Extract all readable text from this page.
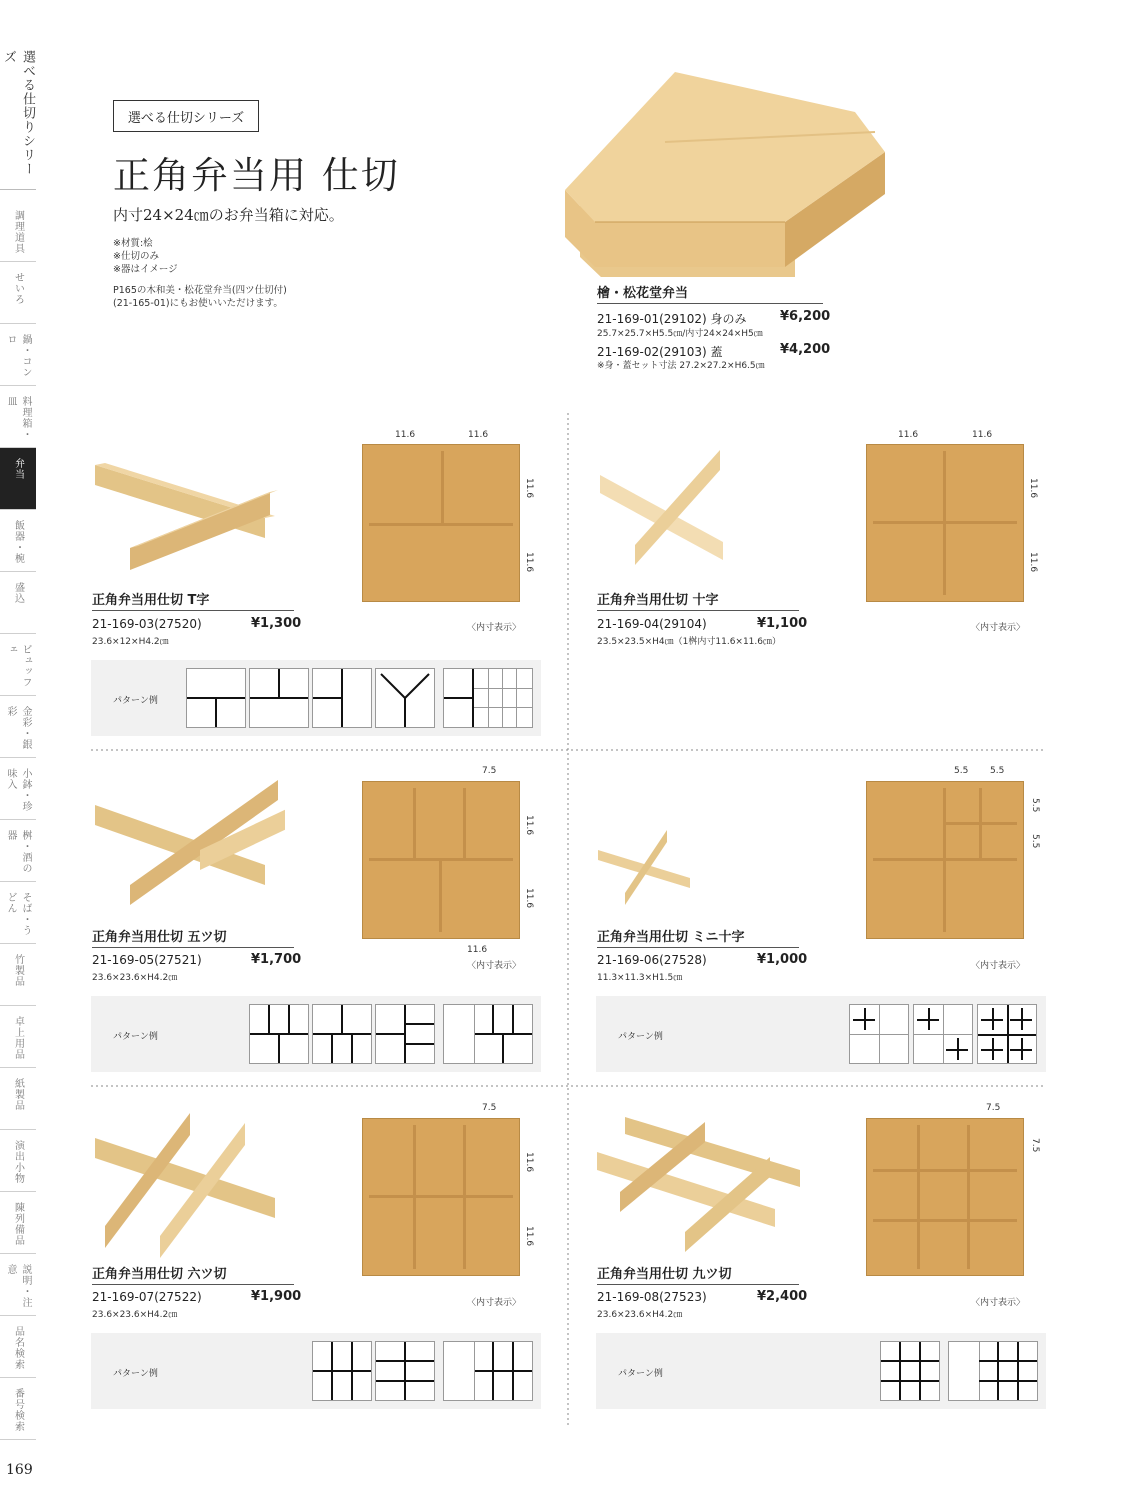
選べる仕切りシリーズ
調理道具
せいろ
鍋・コンロ
料理箱・皿
弁当
飯器・椀
盛込
ビュッフェ
金彩・銀彩
小鉢・珍味入
桝・酒の器
そば・うどん
竹製品
卓上用品
紙製品
演出小物
陳列備品
説明・注意
品名検索
番号検索
169
選べる仕切シリーズ
正角弁当用 仕切
内寸24×24㎝のお弁当箱に対応。
※材質:桧
※仕切のみ
※器はイメージ
P165の木和美・松花堂弁当(四ツ仕切付)
(21-165-01)にもお使いいただけます。
檜・松花堂弁当
21-169-01(29102) 身のみ	¥6,200
25.7×25.7×H5.5㎝/内寸24×24×H5㎝
21-169-02(29103) 蓋	¥4,200
※身・蓋セット寸法 27.2×27.2×H6.5㎝
11.6	11.6
11.6
11.6
正角弁当用仕切 T字
21-169-03(27520)	¥1,300
23.6×12×H4.2㎝
〈内寸表示〉
パターン例
11.6	11.6
11.6
11.6
正角弁当用仕切 十字
21-169-04(29104)	¥1,100
23.5×23.5×H4㎝（1桝内寸11.6×11.6㎝）
〈内寸表示〉
7.5
11.6
11.6
11.6
正角弁当用仕切 五ツ切
21-169-05(27521)	¥1,700
23.6×23.6×H4.2㎝
〈内寸表示〉
パターン例
5.5 5.5
5.5
5.5
正角弁当用仕切 ミニ十字
21-169-06(27528)	¥1,000
11.3×11.3×H1.5㎝
〈内寸表示〉
パターン例
7.5
11.6
11.6
正角弁当用仕切 六ツ切
21-169-07(27522)	¥1,900
23.6×23.6×H4.2㎝
〈内寸表示〉
パターン例
7.5
7.5
正角弁当用仕切 九ツ切
21-169-08(27523)	¥2,400
23.6×23.6×H4.2㎝
〈内寸表示〉
パターン例
